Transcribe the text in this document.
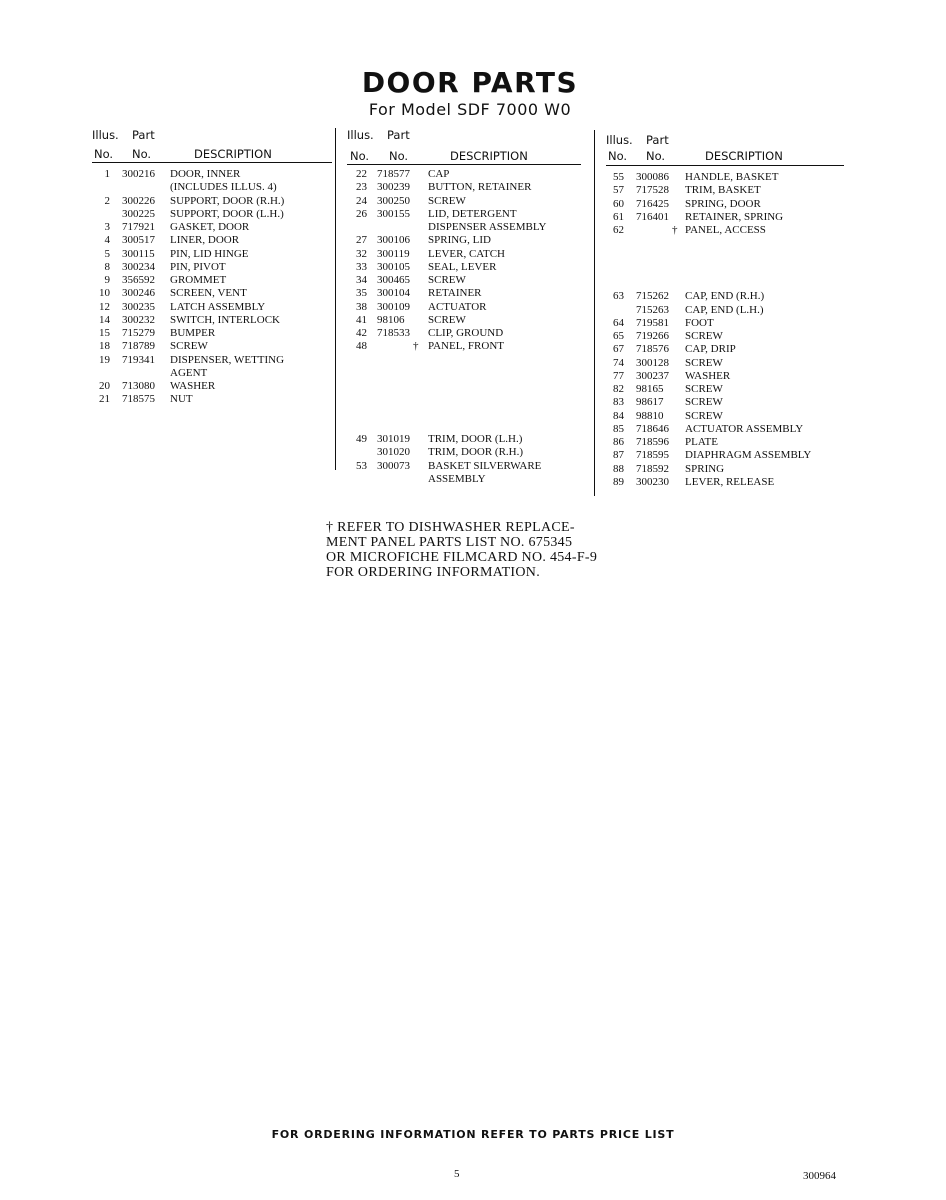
DOOR PARTS
For Model SDF 7000 W0
Illus. Part
No. No.	DESCRIPTION
1 300216 DOOR, INNER
(INCLUDES ILLUS. 4)
2 300226 SUPPORT, DOOR (R.H.)
300225 SUPPORT, DOOR (L.H.)
3 717921 GASKET, DOOR
4 300517 LINER, DOOR
5 300115 PIN, LID HINGE
8 300234 PIN, PIVOT
9 356592 GROMMET
10 300246 SCREEN, VENT
12 300235 LATCH ASSEMBLY
14 300232 SWITCH, INTERLOCK
15 715279 BUMPER
18 718789 SCREW
19 719341 DISPENSER, WETTING
AGENT
20 713080 WASHER
21 718575 NUT
Illus. Part
No. No.	DESCRIPTION
22 718577 CAP
23 300239 BUTTON, RETAINER
24 300250 SCREW
26 300155 LID, DETERGENT
DISPENSER ASSEMBLY
27 300106 SPRING, LID
32 300119 LEVER, CATCH
33 300105 SEAL, LEVER
34 300465 SCREW
35 300104 RETAINER
38 300109 ACTUATOR
41 98106 SCREW
42 718533 CLIP, GROUND
48	† PANEL, FRONT
49 301019 TRIM, DOOR (L.H.)
301020 TRIM, DOOR (R.H.)
53 300073 BASKET SILVERWARE
ASSEMBLY
Illus. Part
No. No.	DESCRIPTION
55 300086 HANDLE, BASKET
57 717528 TRIM, BASKET
60 716425 SPRING, DOOR
61 716401 RETAINER, SPRING
62	† PANEL, ACCESS
63 715262 CAP, END (R.H.)
715263 CAP, END (L.H.)
64 719581 FOOT
65 719266 SCREW
67 718576 CAP, DRIP
74 300128 SCREW
77 300237 WASHER
82 98165 SCREW
83 98617 SCREW
84 98810 SCREW
85 718646 ACTUATOR ASSEMBLY
86 718596 PLATE
87 718595 DIAPHRAGM ASSEMBLY
88 718592 SPRING
89 300230 LEVER, RELEASE
† REFER TO DISHWASHER REPLACE-
MENT PANEL PARTS LIST NO. 675345
OR MICROFICHE FILMCARD NO. 454-F-9
FOR ORDERING INFORMATION.
FOR ORDERING INFORMATION REFER TO PARTS PRICE LIST
5	300964
